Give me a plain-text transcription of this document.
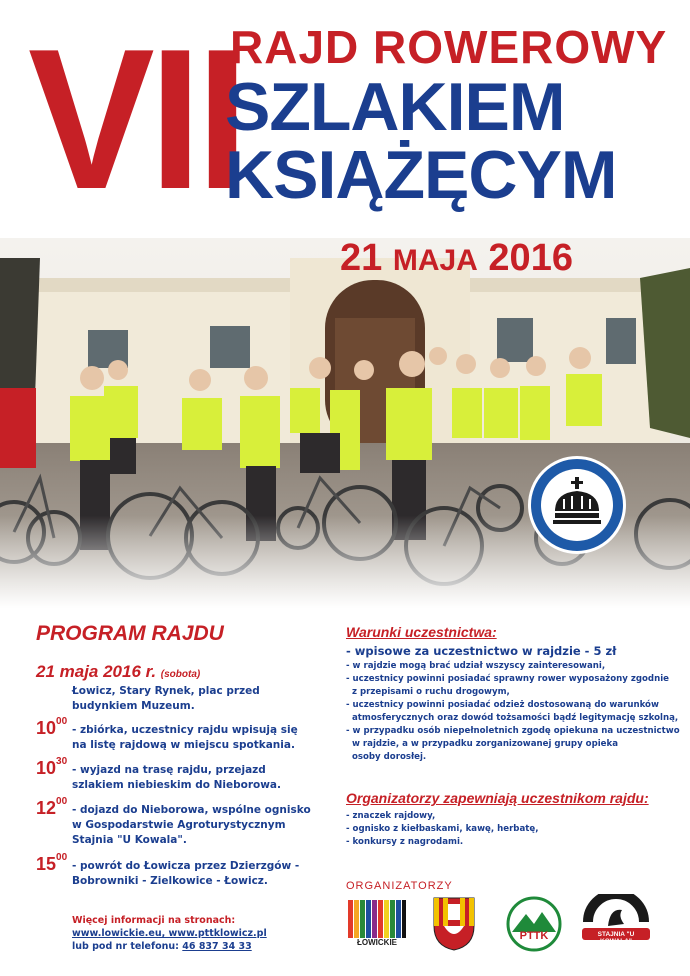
VII
RAJD ROWEROWY
SZLAKIEM
KSIĄŻĘCYM
21 MAJA 2016
PROGRAM RAJDU
21 maja 2016 r. (sobota)
Łowicz, Stary Rynek, plac przed
budynkiem Muzeum.
$10^{00}$
- zbiórka, uczestnicy rajdu wpisują się
na listę rajdową w miejscu spotkania.
$10^{30}$
- wyjazd na trasę rajdu, przejazd
szlakiem niebieskim do Nieborowa.
$12^{00}$
- dojazd do Nieborowa, wspólne ognisko
w Gospodarstwie Agroturystycznym
Stajnia "U Kowala".
$15^{00}$
- powrót do Łowicza przez Dzierzgów -
Bobrowniki - Zielkowice - Łowicz.
Warunki uczestnictwa:
- wpisowe za uczestnictwo w rajdzie - 5 zł
- w rajdzie mogą brać udział wszyscy zainteresowani,
- uczestnicy powinni posiadać sprawny rower wyposażony zgodnie
z przepisami o ruchu drogowym,
- uczestnicy powinni posiadać odzież dostosowaną do warunków
atmosferycznych oraz dowód tożsamości bądź legitymację szkolną,
- w przypadku osób niepełnoletnich zgodę opiekuna na uczestnictwo
w rajdzie, a w przypadku zorganizowanej grupy opieka
osoby dorosłej.
Organizatorzy zapewniają uczestnikom rajdu:
- znaczek rajdowy,
- ognisko z kiełbaskami, kawę, herbatę,
- konkursy z nagrodami.
ORGANIZATORZY
ŁOWICKIE
PTTK	STAJNIA "U KOWALA"
Więcej informacji na stronach:
www.lowickie.eu, www.pttklowicz.pl
lub pod nr telefonu: 46 837 34 33
